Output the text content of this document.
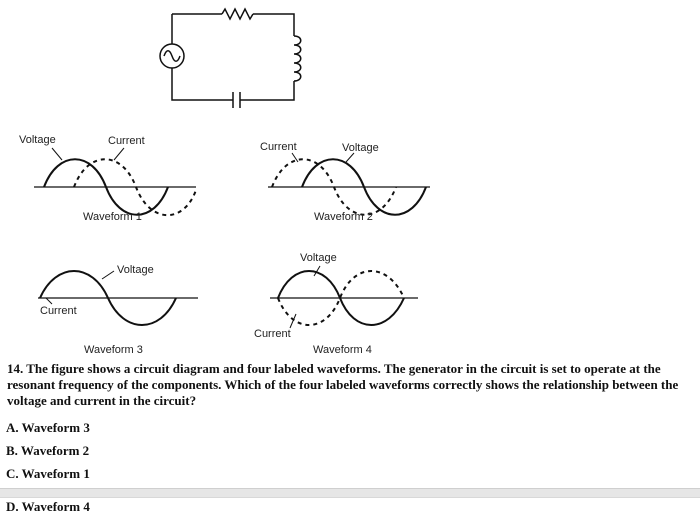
Voltage	Current
Waveform 1
Current	Voltage
Waveform 2
Voltage
Current
Waveform 3
Voltage
Current
Waveform 4
14. The figure shows a circuit diagram and four labeled waveforms. The generator in the circuit is set to operate at the resonant frequency of the components. Which of the four labeled waveforms correctly shows the relationship between the voltage and current in the circuit?
A. Waveform 3
B. Waveform 2
C. Waveform 1
D. Waveform 4
